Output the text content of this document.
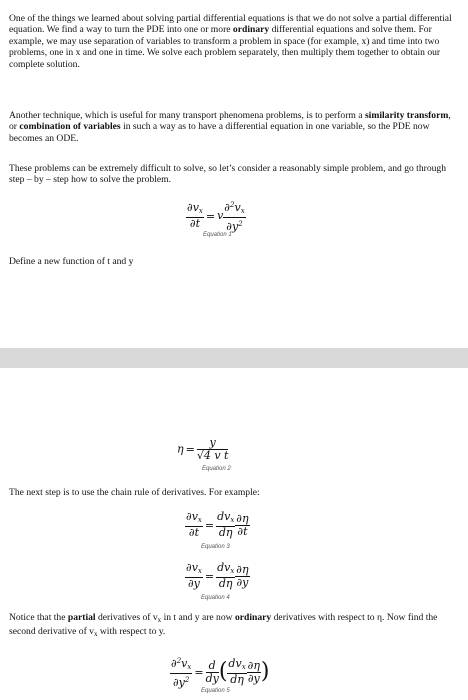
One of the things we learned about solving partial differential equations is that we do not solve a partial differential equation. We find a way to turn the PDE into one or more ordinary differential equations and solve them. For example, we may use separation of variables to transform a problem in space (for example, x) and time into two problems, one in x and one in time. We solve each problem separately, then multiply them together to obtain our complete solution.

Another technique, which is useful for many transport phenomena problems, is to perform a similarity transform, or combination of variables in such a way as to have a differential equation in one variable, so the PDE now becomes an ODE.

These problems can be extremely difficult to solve, so let’s consider a reasonably simple problem, and go through step – by – step how to solve the problem.

$\frac{\partial v_x}{\partial t} = v \frac{\partial^2v_x}{\partial y^2}$
Equation 1

Define a new function of t and y

$\eta = \frac{y}{\text{√4 v t}}$
Equation 2

The next step is to use the chain rule of derivatives. For example:

$\frac{\partial v_x}{\partial t} = \frac{dv_x}{d\eta} \frac{\partial\eta}{\partial t}$
Equation 3
$\frac{\partial v_x}{\partial y} = \frac{dv_x}{d\eta} \frac{\partial\eta}{\partial y}$
Equation 4

Notice that the partial derivatives of $v_x$ in t and y are now ordinary derivatives with respect to η. Now find the second derivative of $v_x$ with respect to y.

$\frac{\partial^2v_x}{\partial y^2} = \frac{d}{dy}$ ( $\frac{dv_x}{d\eta} \frac{\partial\eta}{\partial y}$ )
Equation 5
